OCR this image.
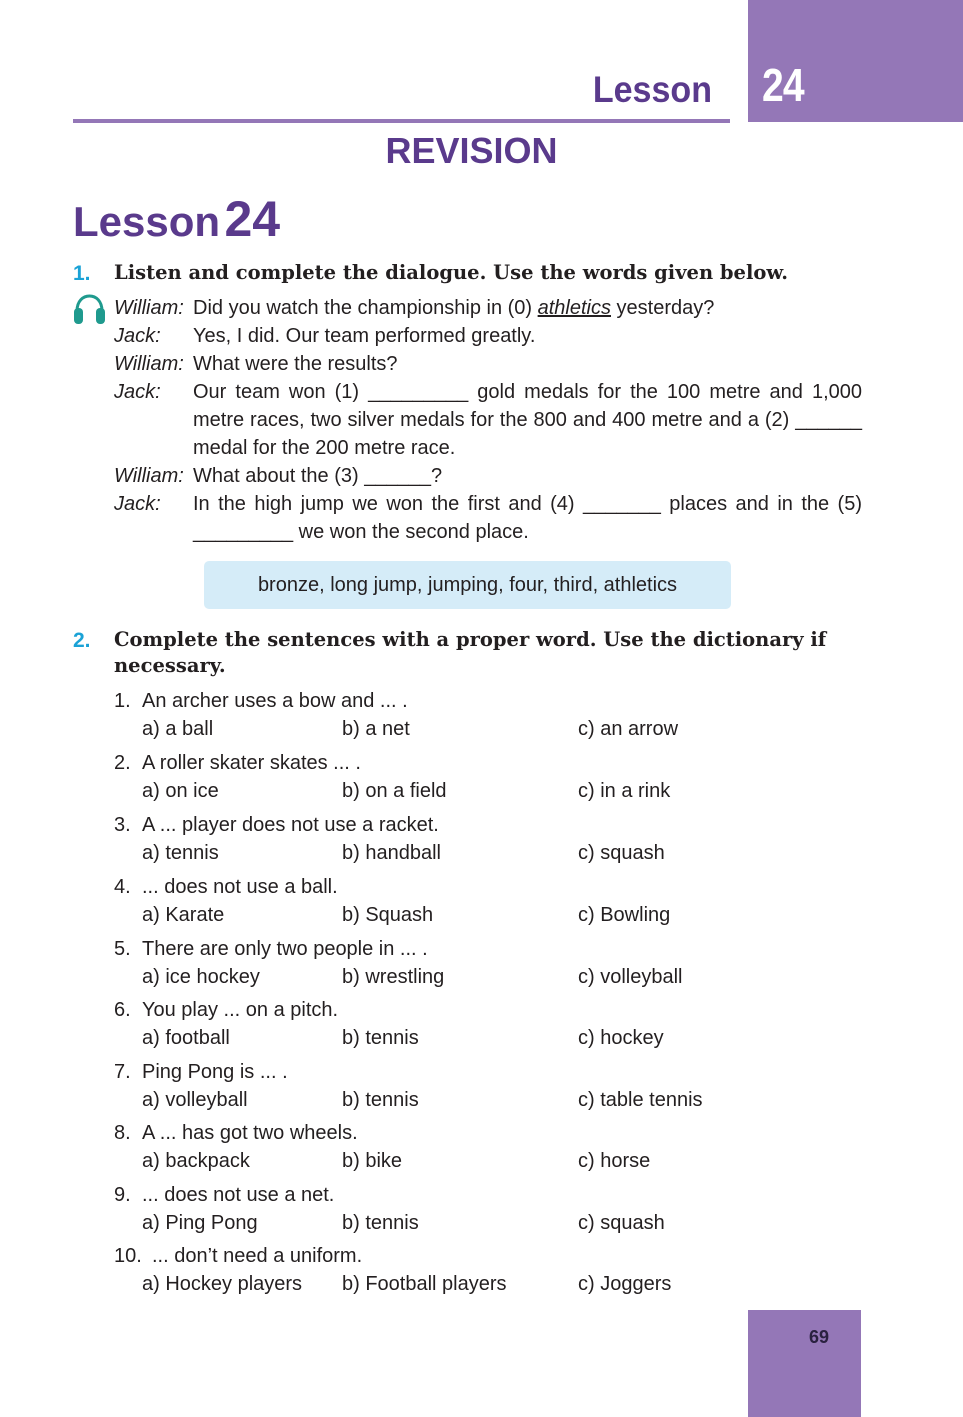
24
Lesson
REVISION
Lesson 24
1. Listen and complete the dialogue. Use the words given below.
William: Did you watch the championship in (0) athletics yesterday?
Jack: Yes, I did. Our team performed greatly.
William: What were the results?
Jack: Our team won (1) _________ gold medals for the 100 metre and 1,000 metre races, two silver medals for the 800 and 400 metre and a (2) ______ medal for the 200 metre race.
William: What about the (3) ______?
Jack: In the high jump we won the first and (4) _______ places and in the (5) _________ we won the second place.
bronze, long jump, jumping, four, third, athletics
2. Complete the sentences with a proper word. Use the dictionary if necessary.
1. An archer uses a bow and ... .
a) a ball	b) a net	c) an arrow
2. A roller skater skates ... .
a) on ice	b) on a field	c) in a rink
3. A ... player does not use a racket.
a) tennis	b) handball	c) squash
4. ... does not use a ball.
a) Karate	b) Squash	c) Bowling
5. There are only two people in ... .
a) ice hockey	b) wrestling	c) volleyball
6. You play ... on a pitch.
a) football	b) tennis	c) hockey
7. Ping Pong is ... .
a) volleyball	b) tennis	c) table tennis
8. A ... has got two wheels.
a) backpack	b) bike	c) horse
9. ... does not use a net.
a) Ping Pong	b) tennis	c) squash
10. ... don’t need a uniform.
a) Hockey players b) Football players	c) Joggers
69
